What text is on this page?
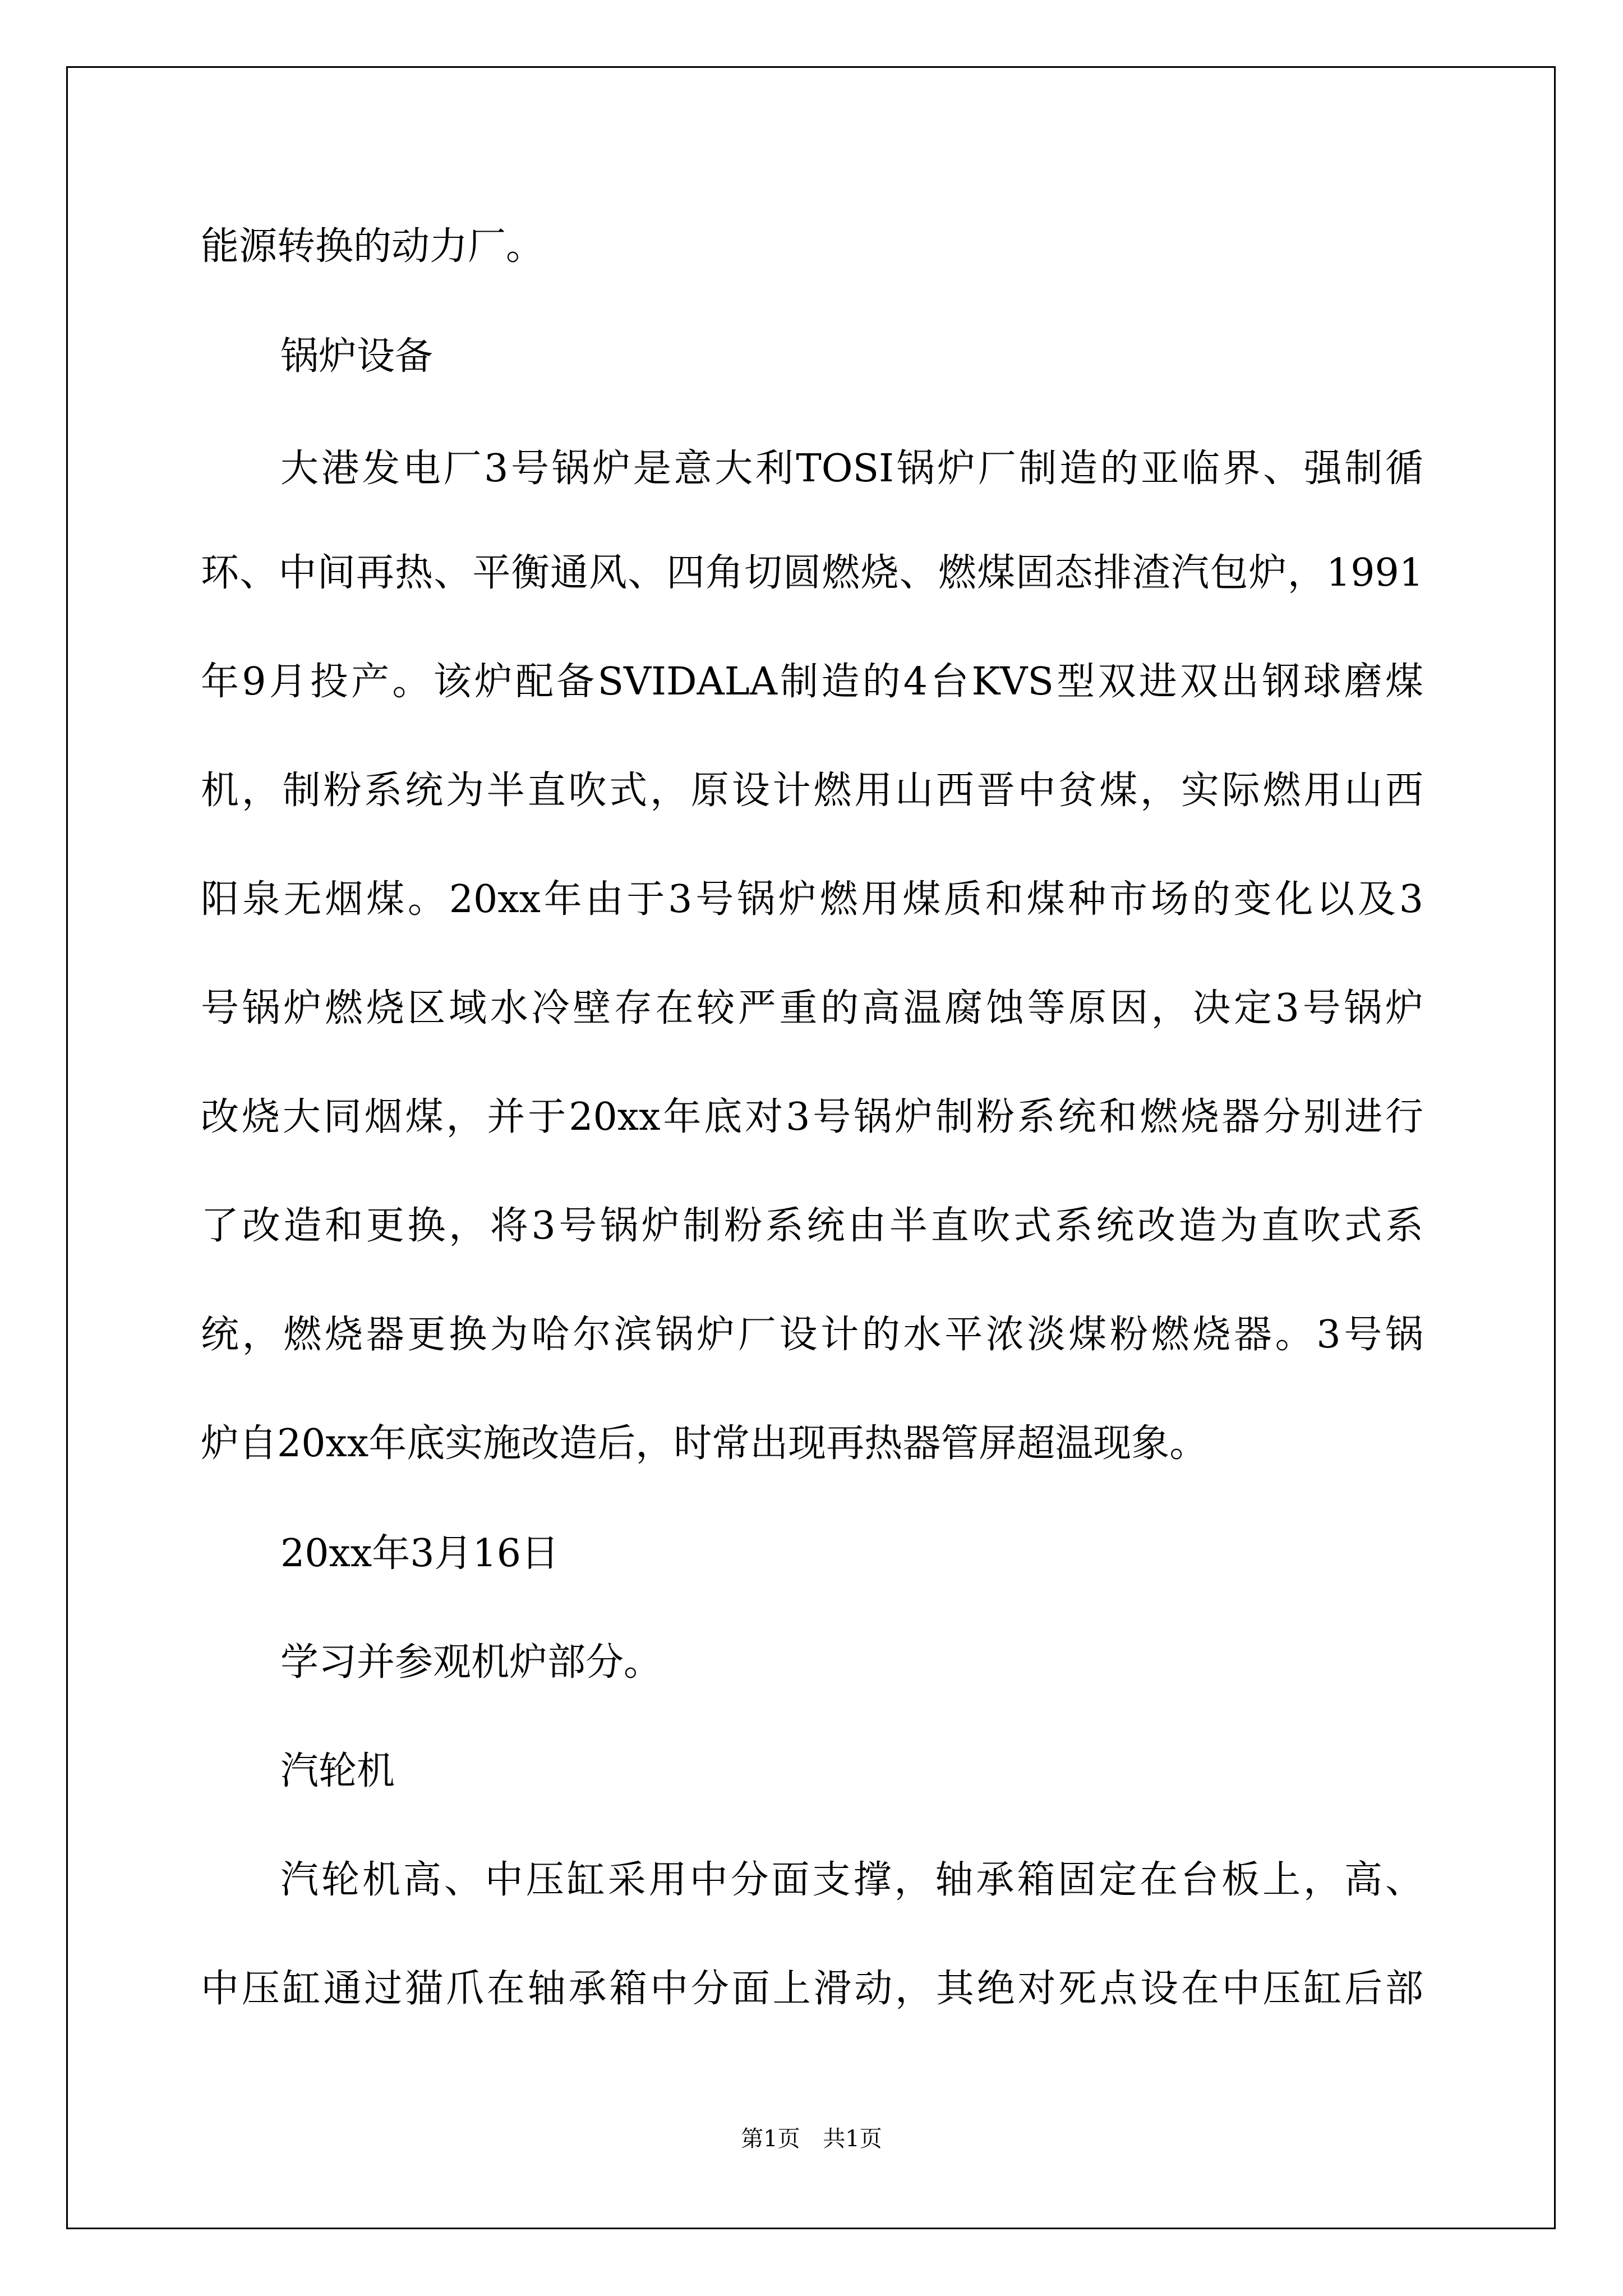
能源转换的动力厂。
锅炉设备
大港发电厂3号锅炉是意大利TOSI锅炉厂制造的亚临界、强制循
环、中间再热、平衡通风、四角切圆燃烧、燃煤固态排渣汽包炉，1991
年9月投产。该炉配备SVIDALA制造的4台KVS型双进双出钢球磨煤
机，制粉系统为半直吹式，原设计燃用山西晋中贫煤，实际燃用山西
阳泉无烟煤。20xx年由于3号锅炉燃用煤质和煤种市场的变化以及3
号锅炉燃烧区域水冷壁存在较严重的高温腐蚀等原因，决定3号锅炉
改烧大同烟煤，并于20xx年底对3号锅炉制粉系统和燃烧器分别进行
了改造和更换，将3号锅炉制粉系统由半直吹式系统改造为直吹式系
统，燃烧器更换为哈尔滨锅炉厂设计的水平浓淡煤粉燃烧器。3号锅
炉自20xx年底实施改造后，时常出现再热器管屏超温现象。
20xx年3月16日
学习并参观机炉部分。
汽轮机
汽轮机高、中压缸采用中分面支撑，轴承箱固定在台板上，高、
中压缸通过猫爪在轴承箱中分面上滑动，其绝对死点设在中压缸后部
第1页 共1页
